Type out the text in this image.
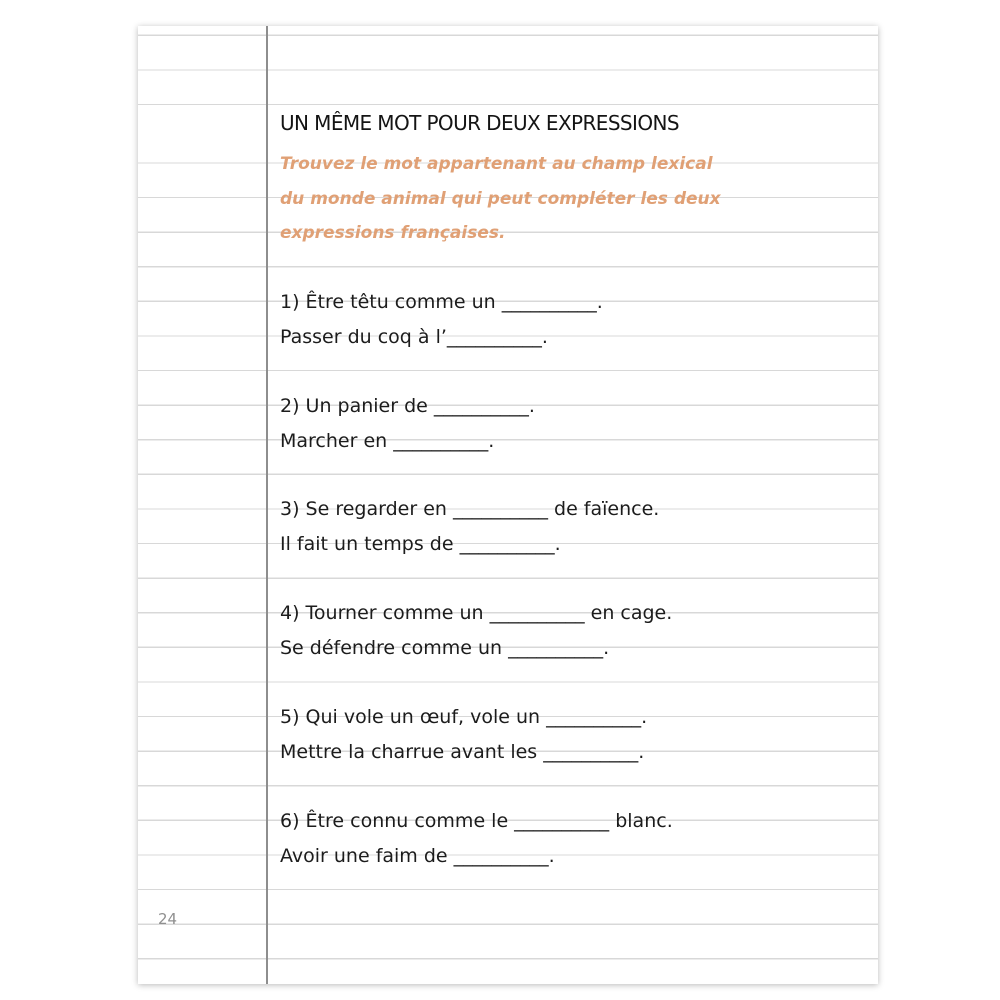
UN MÊME MOT POUR DEUX EXPRESSIONS
Trouvez le mot appartenant au champ lexical
du monde animal qui peut compléter les deux
expressions françaises.
1) Être têtu comme un __________.
Passer du coq à l’__________.
2) Un panier de __________.
Marcher en __________.
3) Se regarder en __________ de faïence.
Il fait un temps de __________.
4) Tourner comme un __________ en cage.
Se défendre comme un __________.
5) Qui vole un œuf, vole un __________.
Mettre la charrue avant les __________.
6) Être connu comme le __________ blanc.
Avoir une faim de __________.
24
